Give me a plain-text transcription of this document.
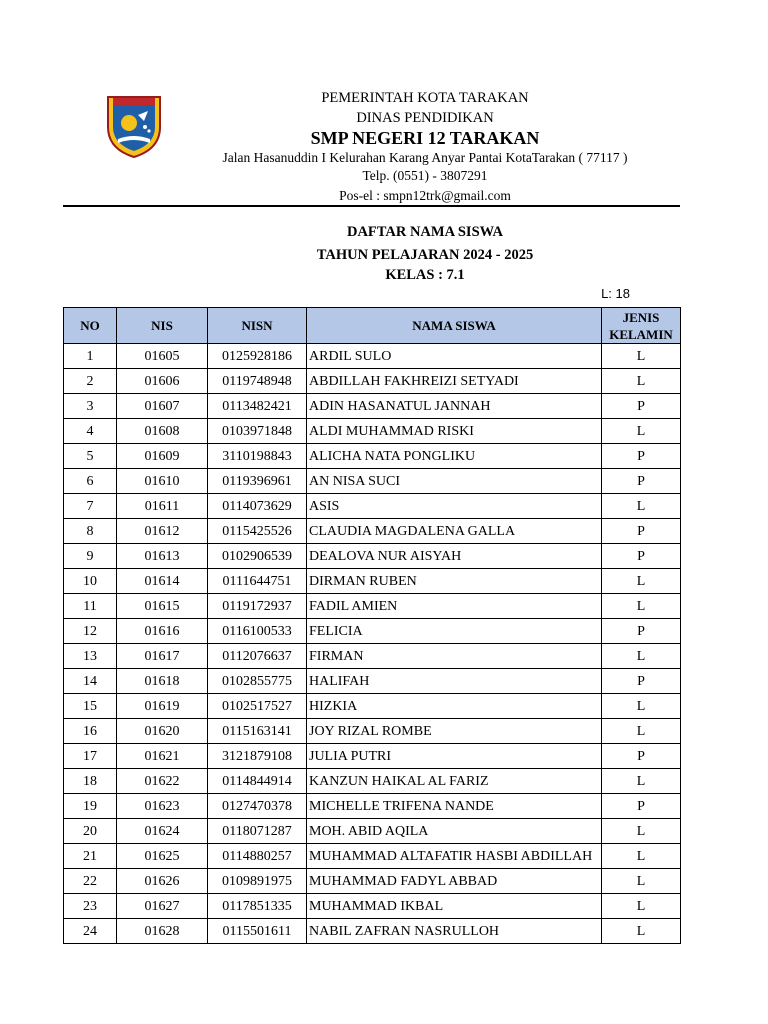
PEMERINTAH KOTA TARAKAN
DINAS PENDIDIKAN
SMP NEGERI 12 TARAKAN
Jalan Hasanuddin I Kelurahan Karang Anyar Pantai KotaTarakan ( 77117 )
Telp. (0551) - 3807291
Pos-el : smpn12trk@gmail.com
DAFTAR NAMA SISWA
TAHUN PELAJARAN 2024 - 2025
KELAS : 7.1
L: 18
NO	NIS	NISN	NAMA SISWA	JENIS
KELAMIN
1	01605	0125928186	ARDIL SULO	L
2	01606	0119748948	ABDILLAH FAKHREIZI SETYADI	L
3	01607	0113482421	ADIN HASANATUL JANNAH	P
4	01608	0103971848	ALDI MUHAMMAD RISKI	L
5	01609	3110198843	ALICHA NATA PONGLIKU	P
6	01610	0119396961	AN NISA SUCI	P
7	01611	0114073629	ASIS	L
8	01612	0115425526	CLAUDIA MAGDALENA GALLA	P
9	01613	0102906539	DEALOVA NUR AISYAH	P
10	01614	0111644751	DIRMAN RUBEN	L
11	01615	0119172937	FADIL AMIEN	L
12	01616	0116100533	FELICIA	P
13	01617	0112076637	FIRMAN	L
14	01618	0102855775	HALIFAH	P
15	01619	0102517527	HIZKIA	L
16	01620	0115163141	JOY RIZAL ROMBE	L
17	01621	3121879108	JULIA PUTRI	P
18	01622	0114844914	KANZUN HAIKAL AL FARIZ	L
19	01623	0127470378	MICHELLE TRIFENA NANDE	P
20	01624	0118071287	MOH. ABID AQILA	L
21	01625	0114880257	MUHAMMAD ALTAFATIR HASBI ABDILLAH	L
22	01626	0109891975	MUHAMMAD FADYL ABBAD	L
23	01627	0117851335	MUHAMMAD IKBAL	L
24	01628	0115501611	NABIL ZAFRAN NASRULLOH	L
